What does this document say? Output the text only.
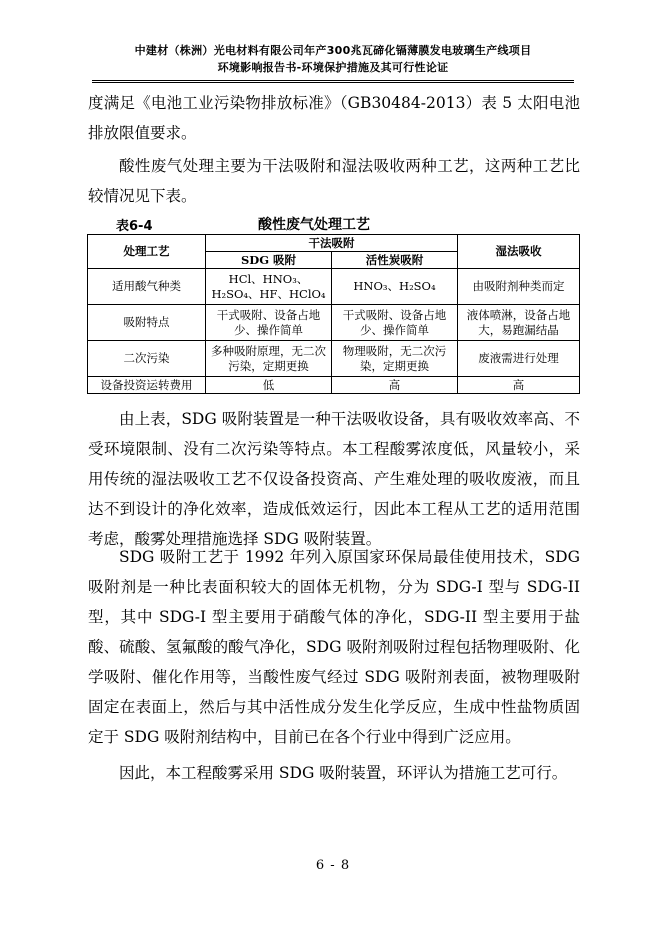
中建材（株洲）光电材料有限公司年产300兆瓦碲化镉薄膜发电玻璃生产线项目
环境影响报告书-环境保护措施及其可行性论证

度满足《电池工业污染物排放标准》（GB30484-2013）表 5 太阳电池排放限值要求。

酸性废气处理主要为干法吸附和湿法吸收两种工艺，这两种工艺比较情况见下表。

表6-4	酸性废气处理工艺
处理工艺	干法吸附		湿法吸收
	SDG 吸附	活性炭吸附	
适用酸气种类	HCl、HNO₃、H₂SO₄、HF、HClO₄	HNO₃、H₂SO₄	由吸附剂种类而定
吸附特点	干式吸附、设备占地少、操作简单	干式吸附、设备占地少、操作简单	液体喷淋，设备占地大，易跑漏结晶
二次污染	多种吸附原理，无二次污染，定期更换	物理吸附，无二次污染，定期更换	废液需进行处理
设备投资运转费用	低	高	高

由上表，SDG 吸附装置是一种干法吸收设备，具有吸收效率高、不受环境限制、没有二次污染等特点。本工程酸雾浓度低，风量较小，采用传统的湿法吸收工艺不仅设备投资高、产生难处理的吸收废液，而且达不到设计的净化效率，造成低效运行，因此本工程从工艺的适用范围考虑，酸雾处理措施选择 SDG 吸附装置。

SDG 吸附工艺于 1992 年列入原国家环保局最佳使用技术，SDG 吸附剂是一种比表面积较大的固体无机物，分为 SDG-I 型与 SDG-II 型，其中 SDG-I 型主要用于硝酸气体的净化，SDG-II 型主要用于盐酸、硫酸、氢氟酸的酸气净化，SDG 吸附剂吸附过程包括物理吸附、化学吸附、催化作用等，当酸性废气经过 SDG 吸附剂表面，被物理吸附固定在表面上，然后与其中活性成分发生化学反应，生成中性盐物质固定于 SDG 吸附剂结构中，目前已在各个行业中得到广泛应用。

因此，本工程酸雾采用 SDG 吸附装置，环评认为措施工艺可行。

6 - 8
